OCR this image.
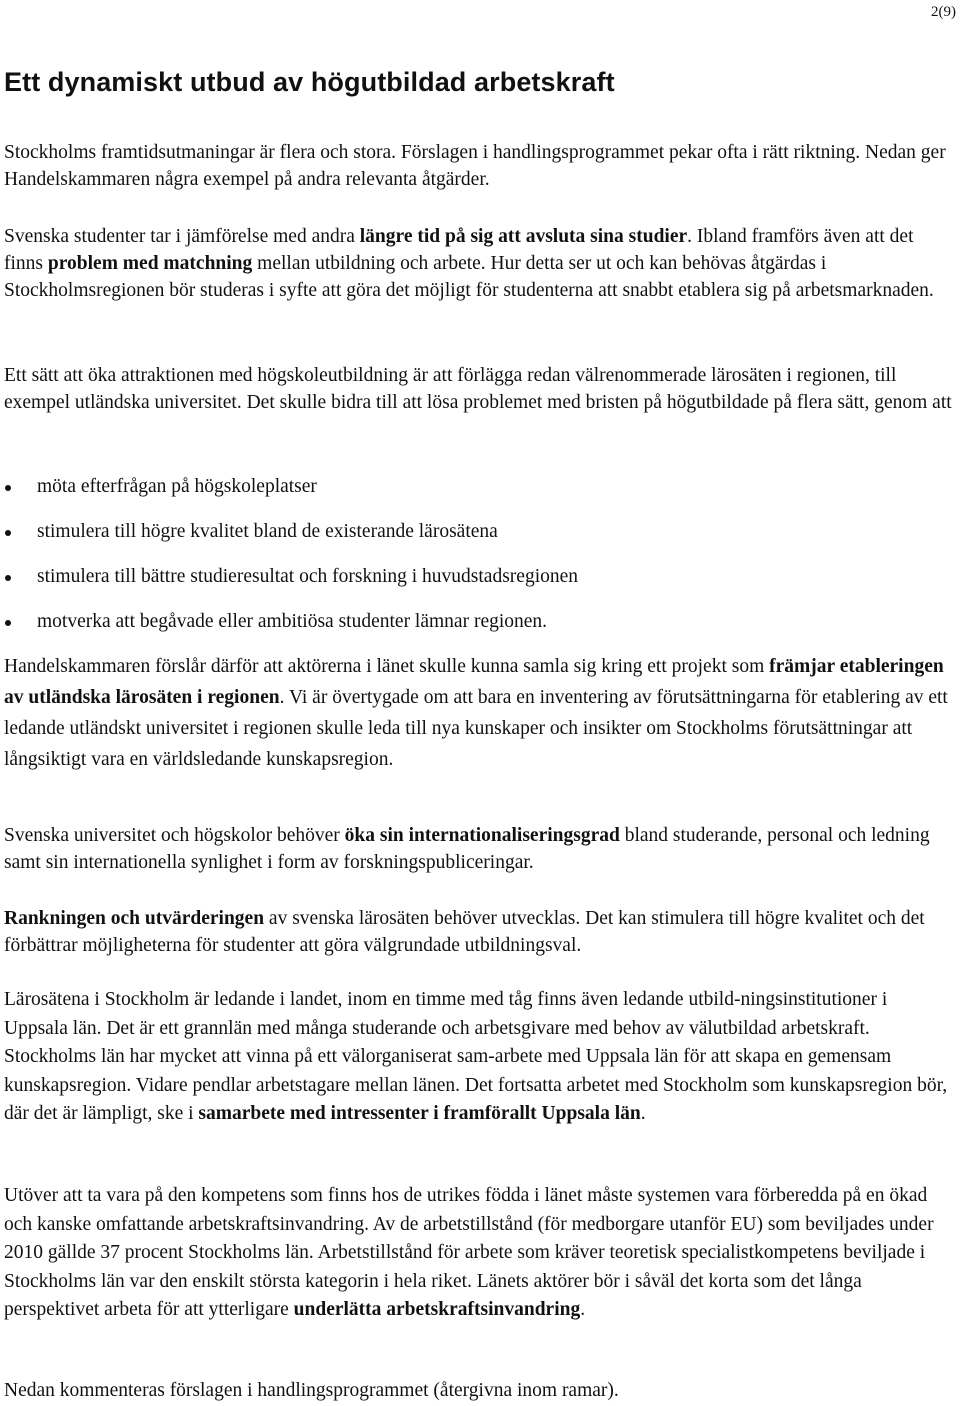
2(9)
Ett dynamiskt utbud av högutbildad arbetskraft

Stockholms framtidsutmaningar är flera och stora. Förslagen i handlingsprogrammet pekar ofta i rätt riktning. Nedan ger Handelskammaren några exempel på andra relevanta åtgärder.

Svenska studenter tar i jämförelse med andra längre tid på sig att avsluta sina studier. Ibland framförs även att det finns problem med matchning mellan utbildning och arbete. Hur detta ser ut och kan behövas åtgärdas i Stockholmsregionen bör studeras i syfte att göra det möjligt för studenterna att snabbt etablera sig på arbetsmarknaden.

Ett sätt att öka attraktionen med högskoleutbildning är att förlägga redan välrenommerade lärosäten i regionen, till exempel utländska universitet. Det skulle bidra till att lösa problemet med bristen på högutbildade på flera sätt, genom att

möta efterfrågan på högskoleplatser
stimulera till högre kvalitet bland de existerande lärosätena
stimulera till bättre studieresultat och forskning i huvudstadsregionen
motverka att begåvade eller ambitiösa studenter lämnar regionen.

Handelskammaren förslår därför att aktörerna i länet skulle kunna samla sig kring ett projekt som främjar etableringen av utländska lärosäten i regionen. Vi är övertygade om att bara en inventering av förutsättningarna för etablering av ett ledande utländskt universitet i regionen skulle leda till nya kunskaper och insikter om Stockholms förutsättningar att långsiktigt vara en världsledande kunskapsregion.

Svenska universitet och högskolor behöver öka sin internationaliseringsgrad bland studerande, personal och ledning samt sin internationella synlighet i form av forskningspubliceringar.

Rankningen och utvärderingen av svenska lärosäten behöver utvecklas. Det kan stimulera till högre kvalitet och det förbättrar möjligheterna för studenter att göra välgrundade utbildningsval.

Lärosätena i Stockholm är ledande i landet, inom en timme med tåg finns även ledande utbild-ningsinstitutioner i Uppsala län. Det är ett grannlän med många studerande och arbetsgivare med behov av välutbildad arbetskraft. Stockholms län har mycket att vinna på ett välorganiserat sam-arbete med Uppsala län för att skapa en gemensam kunskapsregion. Vidare pendlar arbetstagare mellan länen. Det fortsatta arbetet med Stockholm som kunskapsregion bör, där det är lämpligt, ske i samarbete med intressenter i framförallt Uppsala län.

Utöver att ta vara på den kompetens som finns hos de utrikes födda i länet måste systemen vara förberedda på en ökad och kanske omfattande arbetskraftsinvandring. Av de arbetstillstånd (för medborgare utanför EU) som beviljades under 2010 gällde 37 procent Stockholms län. Arbetstillstånd för arbete som kräver teoretisk specialistkompetens beviljade i Stockholms län var den enskilt största kategorin i hela riket. Länets aktörer bör i såväl det korta som det långa perspektivet arbeta för att ytterligare underlätta arbetskraftsinvandring.

Nedan kommenteras förslagen i handlingsprogrammet (återgivna inom ramar).
